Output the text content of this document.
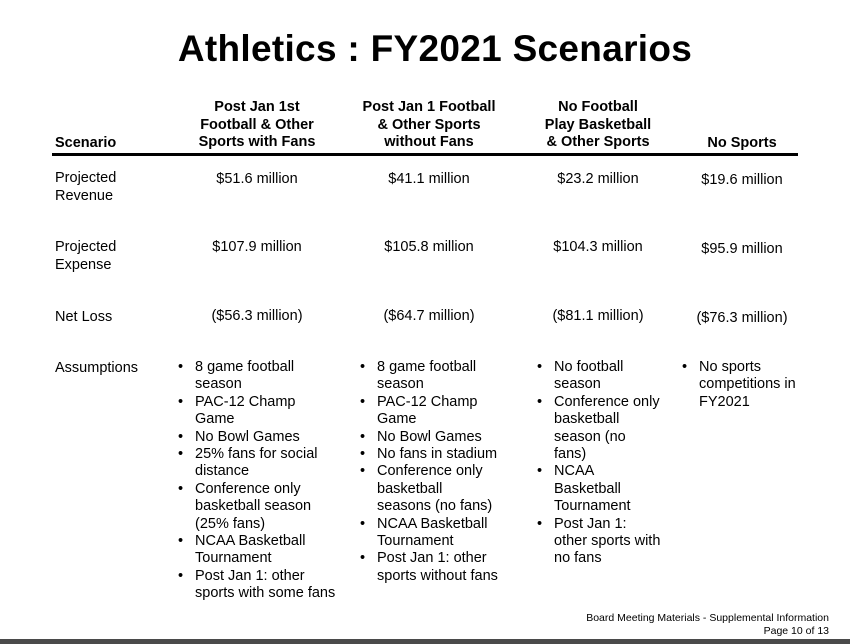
Athletics : FY2021 Scenarios
Scenario
Post Jan 1st
Football & Other
Sports with Fans
Post Jan 1 Football
& Other Sports
without Fans
No Football
Play Basketball
& Other Sports	No Sports
Projected
Revenue
$51.6 million	$41.1 million	$23.2 million	$19.6 million
Projected
Expense
$107.9 million	$105.8 million	$104.3 million	$95.9 million
Net Loss	($56.3 million)	($64.7 million)	($81.1 million)	($76.3 million)
Assumptions
•	8 game football
season
• PAC-12 Champ
Game
• No Bowl Games
• 25% fans for social
distance
• Conference only
basketball season
(25% fans)
• NCAA Basketball
Tournament
• Post Jan 1: other
sports with some fans
• 8 game football
season
• PAC-12 Champ
Game
• No Bowl Games
• No fans in stadium
• Conference only
basketball
seasons (no fans)
• NCAA Basketball
Tournament
• Post Jan 1: other
sports without fans
• No football
season
• Conference only
basketball
season (no
fans)
• NCAA
Basketball
Tournament
• Post Jan 1:
other sports with
no fans
• No sports
competitions in
FY2021
Board Meeting Materials - Supplemental Information
Page 10 of 13
